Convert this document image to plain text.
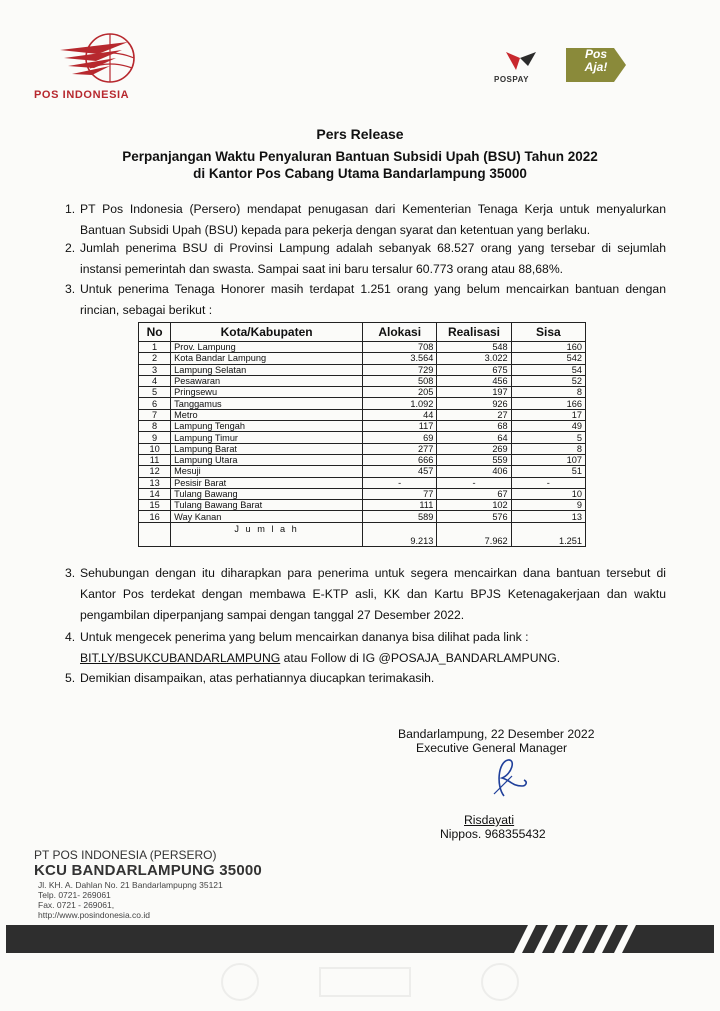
POS INDONESIA
POSPAY
Pos
Aja!
Pers Release
Perpanjangan Waktu Penyaluran Bantuan Subsidi Upah (BSU) Tahun 2022
di Kantor Pos Cabang Utama Bandarlampung 35000
1. PT Pos Indonesia (Persero) mendapat penugasan dari Kementerian Tenaga Kerja untuk menyalurkan Bantuan Subsidi Upah (BSU) kepada para pekerja dengan syarat dan ketentuan yang berlaku.
2. Jumlah penerima BSU di Provinsi Lampung adalah sebanyak 68.527 orang yang tersebar di sejumlah instansi pemerintah dan swasta. Sampai saat ini baru tersalur 60.773 orang atau 88,68%.
3. Untuk penerima Tenaga Honorer masih terdapat 1.251 orang yang belum mencairkan bantuan dengan rincian, sebagai berikut :
No	Kota/Kabupaten	Alokasi	Realisasi	Sisa
1	Prov. Lampung	708	548	160
2	Kota Bandar Lampung	3.564	3.022	542
3	Lampung Selatan	729	675	54
4	Pesawaran	508	456	52
5	Pringsewu	205	197	8
6	Tanggamus	1.092	926	166
7	Metro	44	27	17
8	Lampung Tengah	117	68	49
9	Lampung Timur	69	64	5
10	Lampung Barat	277	269	8
11	Lampung Utara	666	559	107
12	Mesuji	457	406	51
13	Pesisir Barat	-	-	-
14	Tulang Bawang	77	67	10
15	Tulang Bawang Barat	111	102	9
16	Way Kanan	589	576	13

	J u m l a h	9.213	7.962	1.251
3. Sehubungan dengan itu diharapkan para penerima untuk segera mencairkan dana bantuan tersebut di Kantor Pos terdekat dengan membawa E-KTP asli, KK dan Kartu BPJS Ketenagakerjaan dan waktu pengambilan diperpanjang sampai dengan tanggal 27 Desember 2022.
4. Untuk mengecek penerima yang belum mencairkan dananya bisa dilihat pada link :
BIT.LY/BSUKCUBANDARLAMPUNG atau Follow di IG @POSAJA_BANDARLAMPUNG.
5. Demikian disampaikan, atas perhatiannya diucapkan terimakasih.
Bandarlampung, 22 Desember 2022
Executive General Manager
Risdayati
Nippos. 968355432
PT POS INDONESIA (PERSERO)
KCU BANDARLAMPUNG 35000
Jl. KH. A. Dahlan No. 21 Bandarlampupng 35121
Telp. 0721- 269061
Fax. 0721 - 269061,
http://www.posindonesia.co.id
